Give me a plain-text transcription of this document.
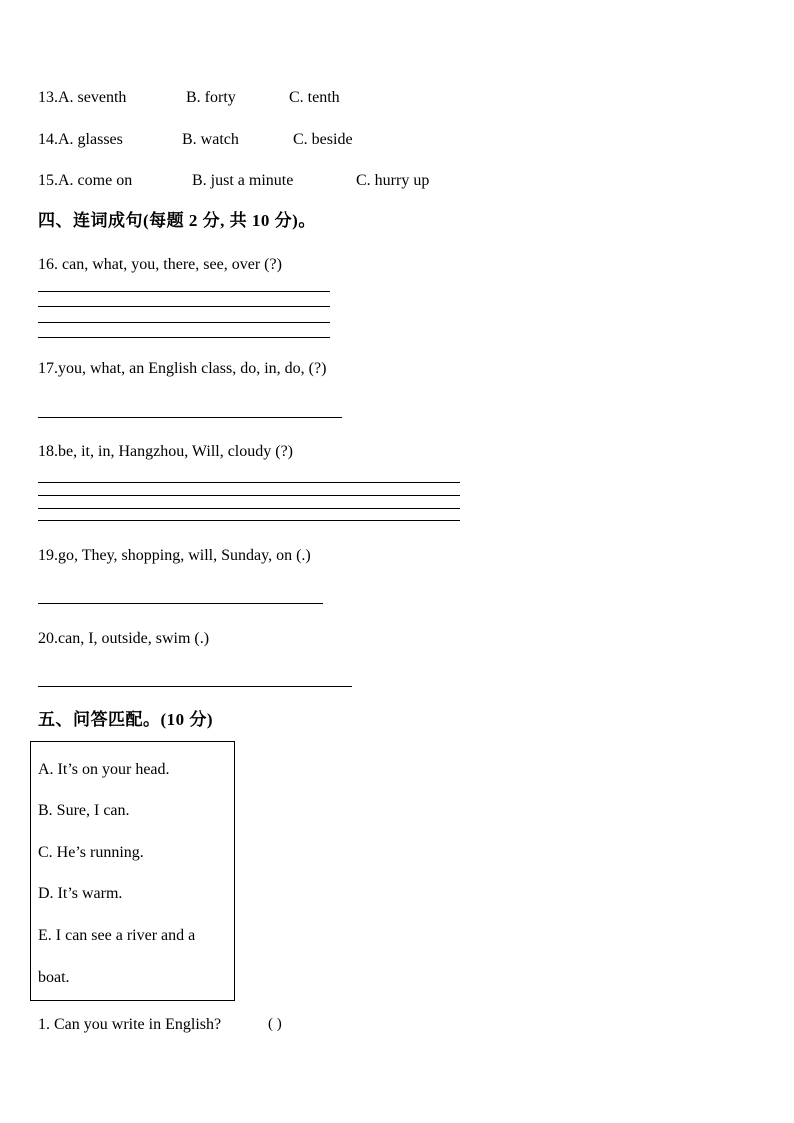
13.A. seventh	B. forty	C. tenth
14.A. glasses	B. watch	C. beside
15.A. come on	B. just a minute	C. hurry up
四、连词成句(每题 2 分, 共 10 分)。
16. can, what, you, there, see, over (?)
17.you, what, an English class, do, in, do, (?)
18.be, it, in, Hangzhou, Will, cloudy (?)
19.go, They, shopping, will, Sunday, on (.)
20.can, I, outside, swim (.)
五、问答匹配。(10 分)
A. It’s on your head.
B. Sure, I can.
C. He’s running.
D. It’s warm.
E. I can see a river and a
boat.
1. Can you write in English?	( )
